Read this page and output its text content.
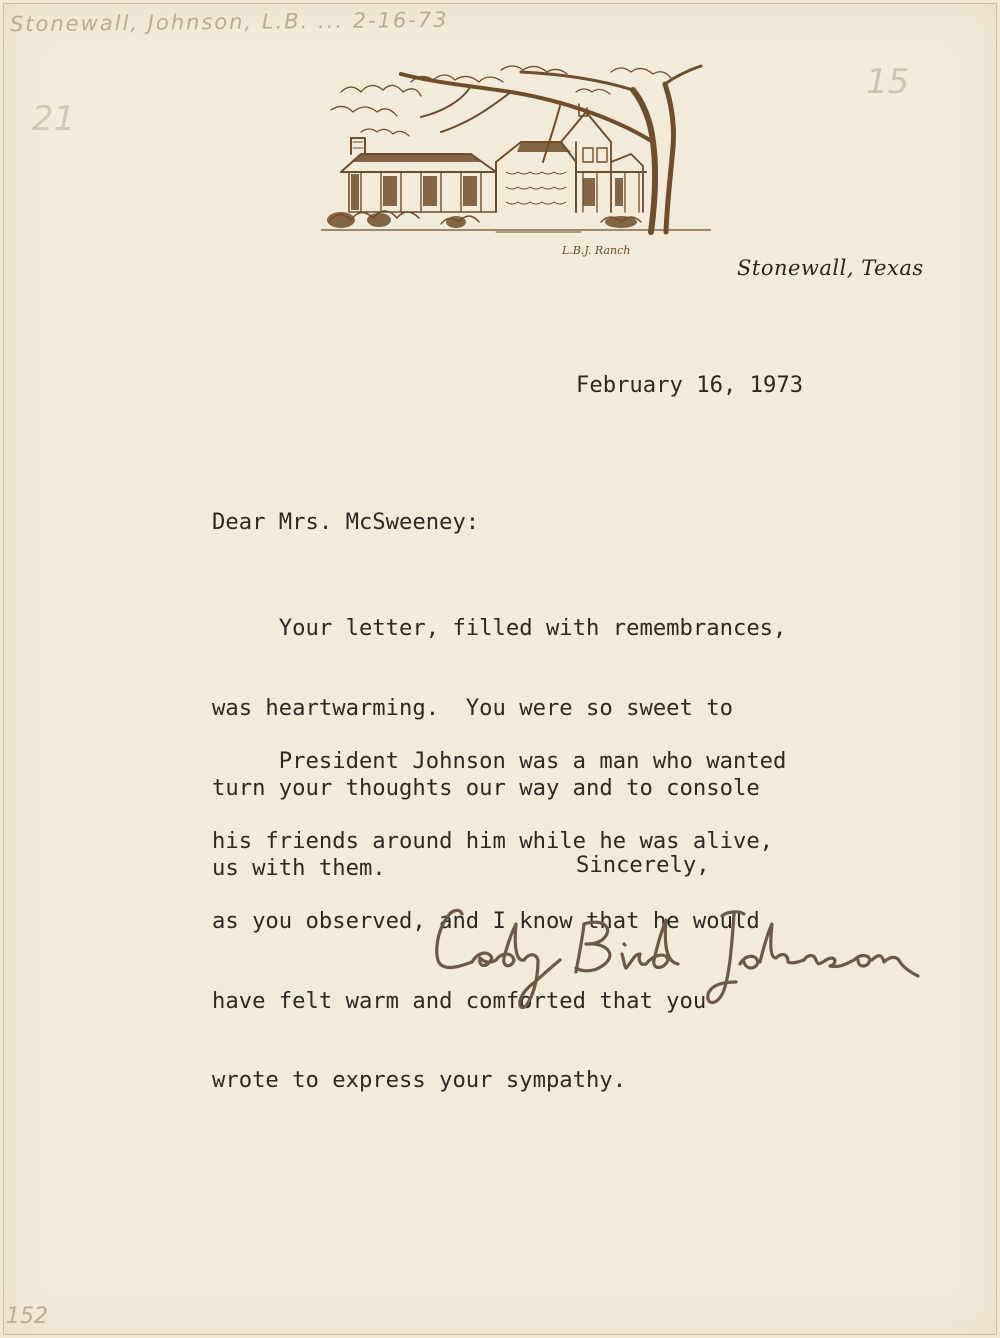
Stonewall, Johnson, L.B. ... 2-16-73
15
21
152
L.B.J. Ranch
Stonewall, Texas
February 16, 1973
Dear Mrs. McSweeney:

Your letter, filled with remembrances,

was heartwarming.  You were so sweet to

turn your thoughts our way and to console

us with them.

President Johnson was a man who wanted

his friends around him while he was alive,

as you observed, and I know that he would

have felt warm and comforted that you

wrote to express your sympathy.

Sincerely,
